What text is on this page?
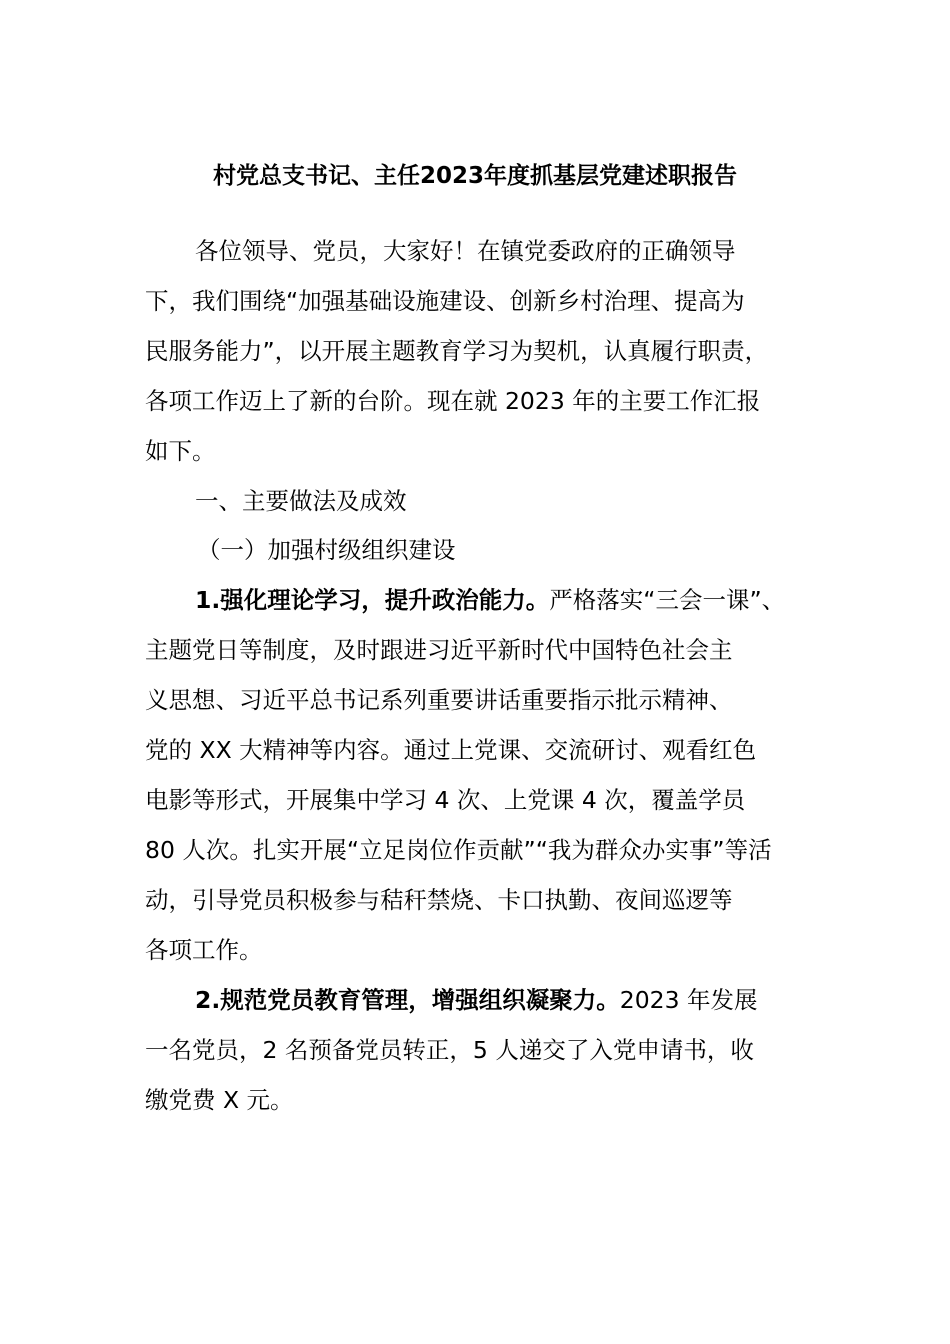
村党总支书记、主任2023年度抓基层党建述职报告
各位领导、党员，大家好！在镇党委政府的正确领导
下，我们围绕“加强基础设施建设、创新乡村治理、提高为
民服务能力”，以开展主题教育学习为契机，认真履行职责，
各项工作迈上了新的台阶。现在就 2023 年的主要工作汇报
如下。
一、主要做法及成效
（一）加强村级组织建设
1.强化理论学习，提升政治能力。严格落实“三会一课”、
主题党日等制度，及时跟进习近平新时代中国特色社会主
义思想、习近平总书记系列重要讲话重要指示批示精神、
党的 XX 大精神等内容。通过上党课、交流研讨、观看红色
电影等形式，开展集中学习 4 次、上党课 4 次，覆盖学员
80 人次。扎实开展“立足岗位作贡献”“我为群众办实事”等活
动，引导党员积极参与秸秆禁烧、卡口执勤、夜间巡逻等
各项工作。
2.规范党员教育管理，增强组织凝聚力。2023 年发展
一名党员，2 名预备党员转正，5 人递交了入党申请书，收
缴党费 X 元。
